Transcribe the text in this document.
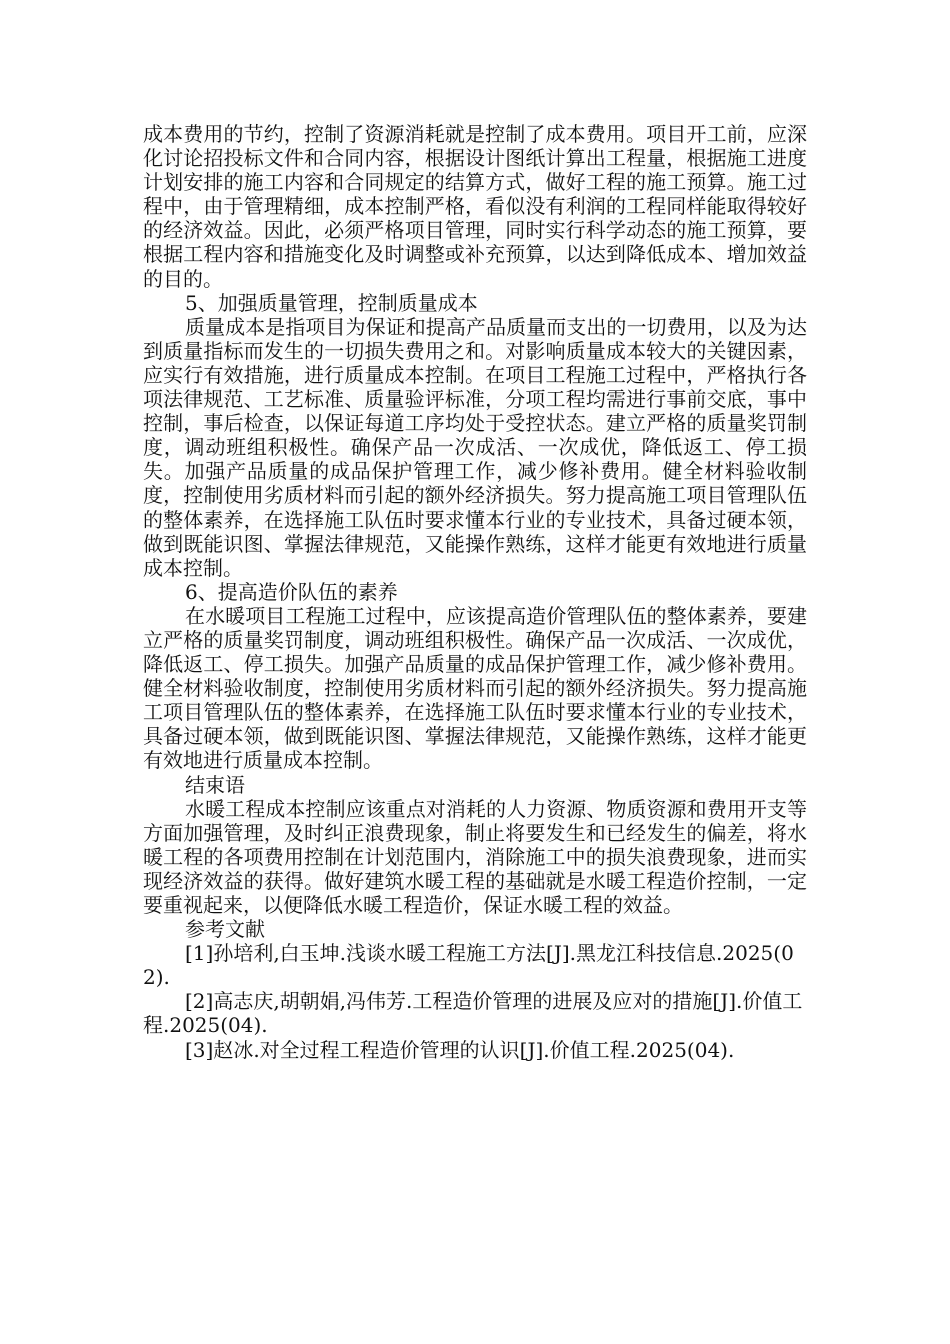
成本费用的节约，控制了资源消耗就是控制了成本费用。项目开工前，应深化讨论招投标文件和合同内容，根据设计图纸计算出工程量，根据施工进度计划安排的施工内容和合同规定的结算方式，做好工程的施工预算。施工过程中，由于管理精细，成本控制严格，看似没有利润的工程同样能取得较好的经济效益。因此，必须严格项目管理，同时实行科学动态的施工预算，要根据工程内容和措施变化及时调整或补充预算，以达到降低成本、增加效益的目的。

5、加强质量管理，控制质量成本

质量成本是指项目为保证和提高产品质量而支出的一切费用，以及为达到质量指标而发生的一切损失费用之和。对影响质量成本较大的关键因素，应实行有效措施，进行质量成本控制。在项目工程施工过程中，严格执行各项法律规范、工艺标准、质量验评标准，分项工程均需进行事前交底，事中控制，事后检查，以保证每道工序均处于受控状态。建立严格的质量奖罚制度，调动班组积极性。确保产品一次成活、一次成优，降低返工、停工损失。加强产品质量的成品保护管理工作，减少修补费用。健全材料验收制度，控制使用劣质材料而引起的额外经济损失。努力提高施工项目管理队伍的整体素养，在选择施工队伍时要求懂本行业的专业技术，具备过硬本领，做到既能识图、掌握法律规范，又能操作熟练，这样才能更有效地进行质量成本控制。

6、提高造价队伍的素养

在水暖项目工程施工过程中，应该提高造价管理队伍的整体素养，要建立严格的质量奖罚制度，调动班组积极性。确保产品一次成活、一次成优，降低返工、停工损失。加强产品质量的成品保护管理工作，减少修补费用。健全材料验收制度，控制使用劣质材料而引起的额外经济损失。努力提高施工项目管理队伍的整体素养，在选择施工队伍时要求懂本行业的专业技术，具备过硬本领，做到既能识图、掌握法律规范，又能操作熟练，这样才能更有效地进行质量成本控制。

结束语

水暖工程成本控制应该重点对消耗的人力资源、物质资源和费用开支等方面加强管理，及时纠正浪费现象，制止将要发生和已经发生的偏差，将水暖工程的各项费用控制在计划范围内，消除施工中的损失浪费现象，进而实现经济效益的获得。做好建筑水暖工程的基础就是水暖工程造价控制，一定要重视起来，以便降低水暖工程造价，保证水暖工程的效益。

参考文献

[1]孙培利,白玉坤.浅谈水暖工程施工方法[J].黑龙江科技信息.2025(02).

[2]高志庆,胡朝娟,冯伟芳.工程造价管理的进展及应对的措施[J].价值工程.2025(04).

[3]赵冰.对全过程工程造价管理的认识[J].价值工程.2025(04).
